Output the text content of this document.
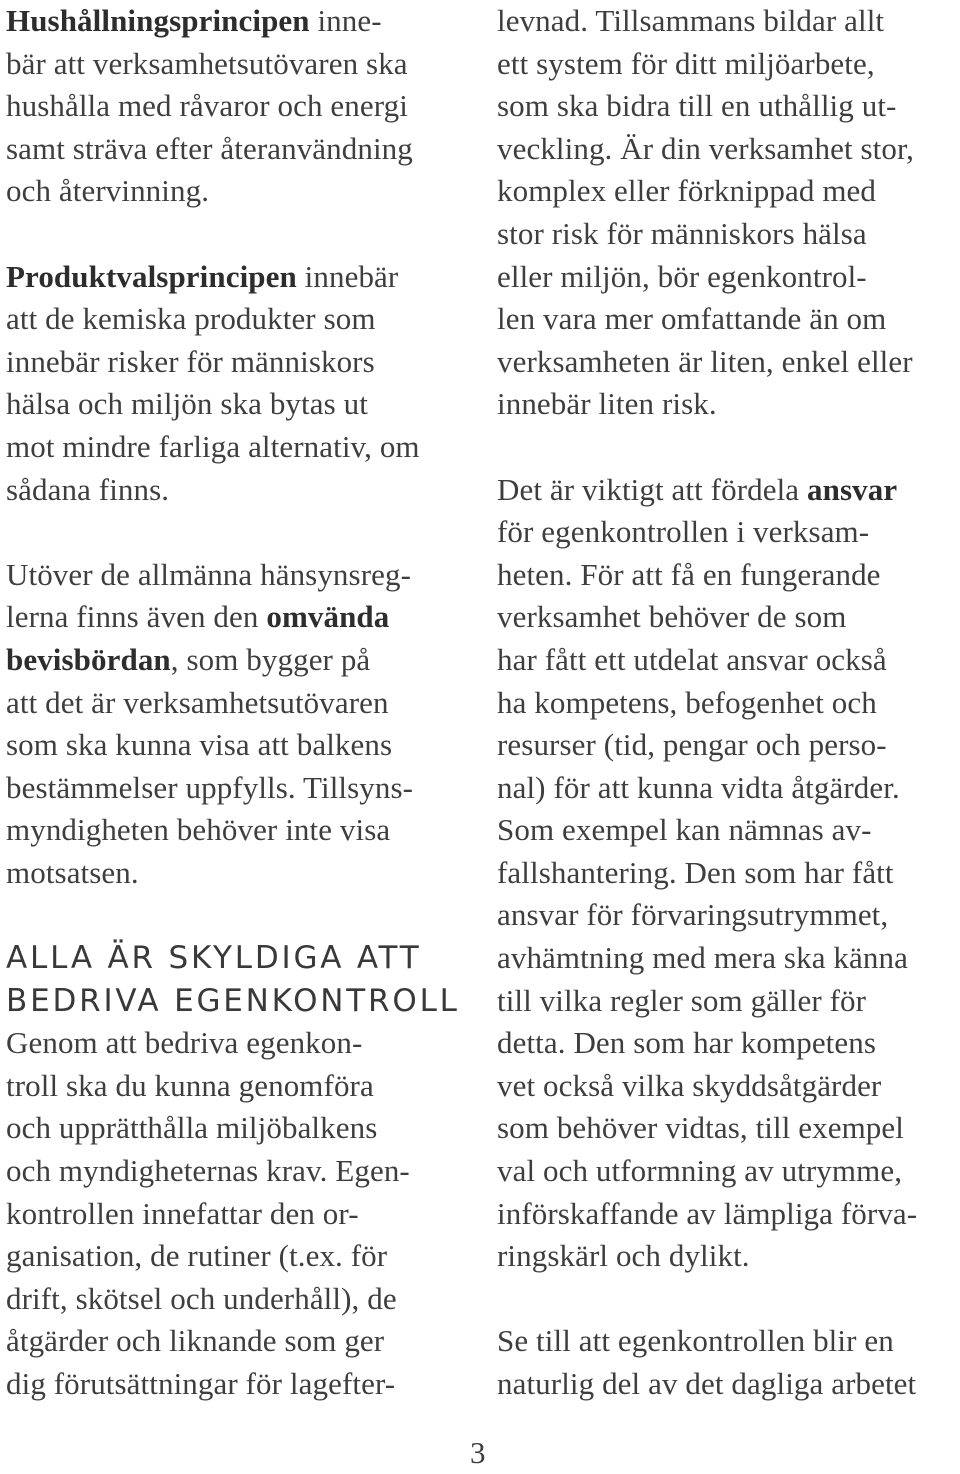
Hushållningsprincipen inne-
bär att verksamhetsutövaren ska
hushålla med råvaror och energi
samt sträva efter återanvändning
och återvinning.
Produktvalsprincipen innebär
att de kemiska produkter som
innebär risker för människors
hälsa och miljön ska bytas ut
mot mindre farliga alternativ, om
sådana finns.
Utöver de allmänna hänsynsreg-
lerna finns även den omvända
bevisbördan, som bygger på
att det är verksamhetsutövaren
som ska kunna visa att balkens
bestämmelser uppfylls. Tillsyns-
myndigheten behöver inte visa
motsatsen.
ALLA ÄR SKYLDIGA ATT
BEDRIVA EGENKONTROLL
Genom att bedriva egenkon-
troll ska du kunna genomföra
och upprätthålla miljöbalkens
och myndigheternas krav. Egen-
kontrollen innefattar den or-
ganisation, de rutiner (t.ex. för
drift, skötsel och underhåll), de
åtgärder och liknande som ger
dig förutsättningar för lagefter-
levnad. Tillsammans bildar allt
ett system för ditt miljöarbete,
som ska bidra till en uthållig ut-
veckling. Är din verksamhet stor,
komplex eller förknippad med
stor risk för människors hälsa
eller miljön, bör egenkontrol-
len vara mer omfattande än om
verksamheten är liten, enkel eller
innebär liten risk.
Det är viktigt att fördela ansvar
för egenkontrollen i verksam-
heten. För att få en fungerande
verksamhet behöver de som
har fått ett utdelat ansvar också
ha kompetens, befogenhet och
resurser (tid, pengar och perso-
nal) för att kunna vidta åtgärder.
Som exempel kan nämnas av-
fallshantering. Den som har fått
ansvar för förvaringsutrymmet,
avhämtning med mera ska känna
till vilka regler som gäller för
detta. Den som har kompetens
vet också vilka skyddsåtgärder
som behöver vidtas, till exempel
val och utformning av utrymme,
införskaffande av lämpliga förva-
ringskärl och dylikt.
Se till att egenkontrollen blir en
naturlig del av det dagliga arbetet
3
